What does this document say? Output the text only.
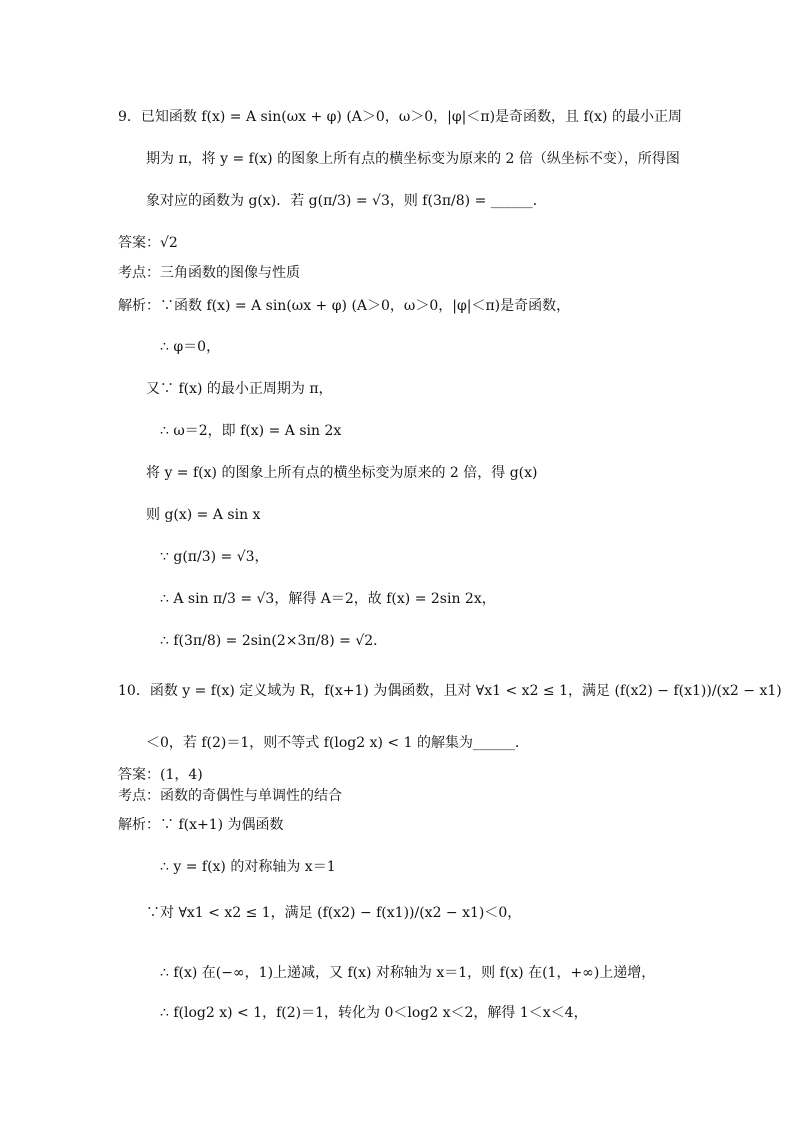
9．已知函数 f(x) = A sin(ωx + φ) (A＞0，ω＞0，|φ|＜π)是奇函数，且 f(x) 的最小正周
期为 π，将 y = f(x) 的图象上所有点的横坐标变为原来的 2 倍（纵坐标不变），所得图
象对应的函数为 g(x)．若 g(π/3) = √3，则 f(3π/8) = ______．
答案：√2
考点：三角函数的图像与性质
解析：∵函数 f(x) = A sin(ωx + φ) (A＞0，ω＞0，|φ|＜π)是奇函数，
∴ φ＝0，
又∵ f(x) 的最小正周期为 π，
∴ ω＝2，即 f(x) = A sin 2x
将 y = f(x) 的图象上所有点的横坐标变为原来的 2 倍，得 g(x)
则 g(x) = A sin x
∵ g(π/3) = √3，
∴ A sin π/3 = √3，解得 A＝2，故 f(x) = 2sin 2x，
∴ f(3π/8) = 2sin(2×3π/8) = √2．
10．函数 y = f(x) 定义域为 R，f(x+1) 为偶函数，且对 ∀x1 < x2 ≤ 1，满足 (f(x2) − f(x1))/(x2 − x1)
＜0，若 f(2)＝1，则不等式 f(log2 x) < 1 的解集为______．
答案：(1，4)
考点：函数的奇偶性与单调性的结合
解析：∵ f(x+1) 为偶函数
∴ y = f(x) 的对称轴为 x＝1
∵对 ∀x1 < x2 ≤ 1，满足 (f(x2) − f(x1))/(x2 − x1)＜0，
∴ f(x) 在(−∞，1)上递减，又 f(x) 对称轴为 x＝1，则 f(x) 在(1，+∞)上递增，
∴ f(log2 x) < 1，f(2)＝1，转化为 0＜log2 x＜2，解得 1＜x＜4，
